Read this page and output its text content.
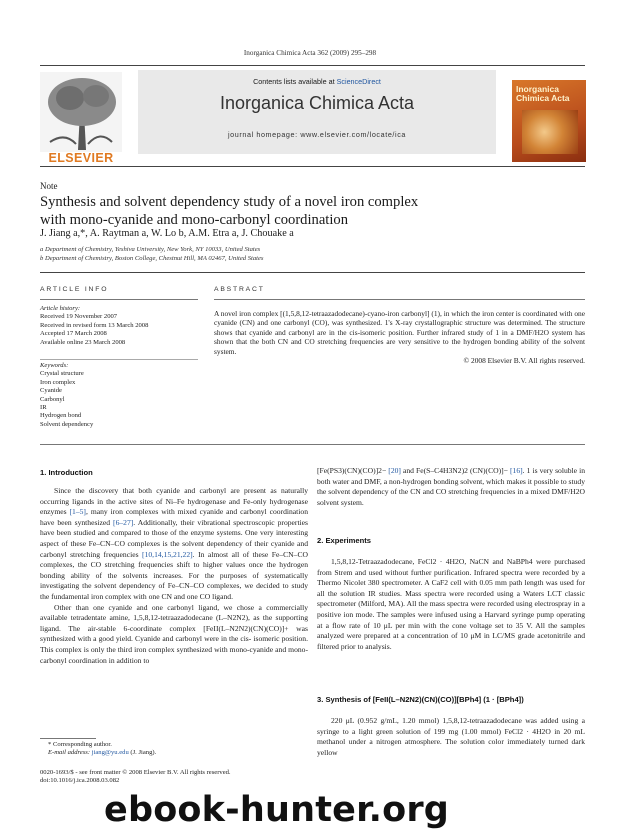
Inorganica Chimica Acta 362 (2009) 295–298
ELSEVIER
Contents lists available at ScienceDirect
Inorganica Chimica Acta
journal homepage: www.elsevier.com/locate/ica
Inorganica Chimica Acta
Note
Synthesis and solvent dependency study of a novel iron complex
with mono-cyanide and mono-carbonyl coordination
J. Jiang a,*, A. Raytman a, W. Lo b, A.M. Etra a, J. Chouake a
a Department of Chemistry, Yeshiva University, New York, NY 10033, United States
b Department of Chemistry, Boston College, Chestnut Hill, MA 02467, United States
ARTICLE INFO
Article history:
Received 19 November 2007
Received in revised form 13 March 2008
Accepted 17 March 2008
Available online 23 March 2008
Keywords:
Crystal structure
Iron complex
Cyanide
Carbonyl
IR
Hydrogen bond
Solvent dependency
ABSTRACT
A novel iron complex [(1,5,8,12-tetraazadodecane)-cyano-iron carbonyl] (1), in which the iron center is coordinated with one cyanide (CN) and one carbonyl (CO), was synthesized. 1's X-ray crystallographic structure was determined. The structure shows that cyanide and carbonyl are in the cis-isomeric position. Further infrared study of 1 in a DMF/H2O system has shown that the both CN and CO stretching frequencies are very sensitive to the hydrogen bonding ability of the solvent system.
© 2008 Elsevier B.V. All rights reserved.
1. Introduction

Since the discovery that both cyanide and carbonyl are present as naturally occurring ligands in the active sites of Ni–Fe hydrogenase and Fe-only hydrogenase enzymes [1–5], many iron complexes with mixed cyanide and carbonyl coordination have been synthesized [6–27]. Additionally, their vibrational spectroscopic properties have been studied and compared to those of the enzyme systems. One very interesting aspect of these Fe–CN–CO complexes is the solvent dependency of their cyanide and carbonyl stretching frequencies [10,14,15,21,22]. In almost all of these Fe–CN–CO complexes, the CO stretching frequencies shift to higher values once the hydrogen bonding ability of the solvents increases. For the purposes of systematically investigating the solvent dependency of Fe–CN–CO complexes, we decided to study the fundamental iron complex with one CN and one CO ligand.

Other than one cyanide and one carbonyl ligand, we chose a commercially available tetradentate amine, 1,5,8,12-tetraazadodecane (L–N2N2), as the supporting ligand. The air-stable 6-coordinate complex [FeII(L–N2N2)(CN)(CO)]+ was synthesized with a good yield. Cyanide and carbonyl were in the cis- isomeric position. This complex is only the third iron complex synthesized with mono-cyanide and mono-carbonyl coordination in addition to

* Corresponding author.
E-mail address: jiang@yu.edu (J. Jiang).
0020-1693/$ - see front matter © 2008 Elsevier B.V. All rights reserved.
doi:10.1016/j.ica.2008.03.082

[Fe(PS3)(CN)(CO)]2− [20] and Fe(S–C4H3N2)2 (CN)(CO)]− [16]. 1 is very soluble in both water and DMF, a non-hydrogen bonding solvent, which makes it possible to study the solvent dependency of the CN and CO stretching frequencies in a mixed DMF/H2O solvent system.

2. Experiments

1,5,8,12-Tetraazadodecane, FeCl2 · 4H2O, NaCN and NaBPh4 were purchased from Strem and used without further purification. Infrared spectra were recorded by a Thermo Nicolet 380 spectrometer. A CaF2 cell with 0.05 mm path length was used for all the solution IR studies. Mass spectra were recorded using a Waters LCT classic spectrometer (Milford, MA). All the mass spectra were recorded using electrospray in a positive ion mode. The samples were infused using a Harvard syringe pump operating at a flow rate of 10 μL per min with the cone voltage set to 35 V. All the samples analyzed were prepared at a concentration of 10 μM in LC/MS grade acetonitrile and filtered prior to analysis.

3. Synthesis of [FeII(L–N2N2)(CN)(CO)][BPh4] (1 · [BPh4])

220 μL (0.952 g/mL, 1.20 mmol) 1,5,8,12-tetraazadodecane was added using a syringe to a light green solution of 199 mg (1.00 mmol) FeCl2 · 4H2O in 20 mL methanol under a nitrogen atmosphere. The solution color immediately turned dark yellow

ebook-hunter.org
